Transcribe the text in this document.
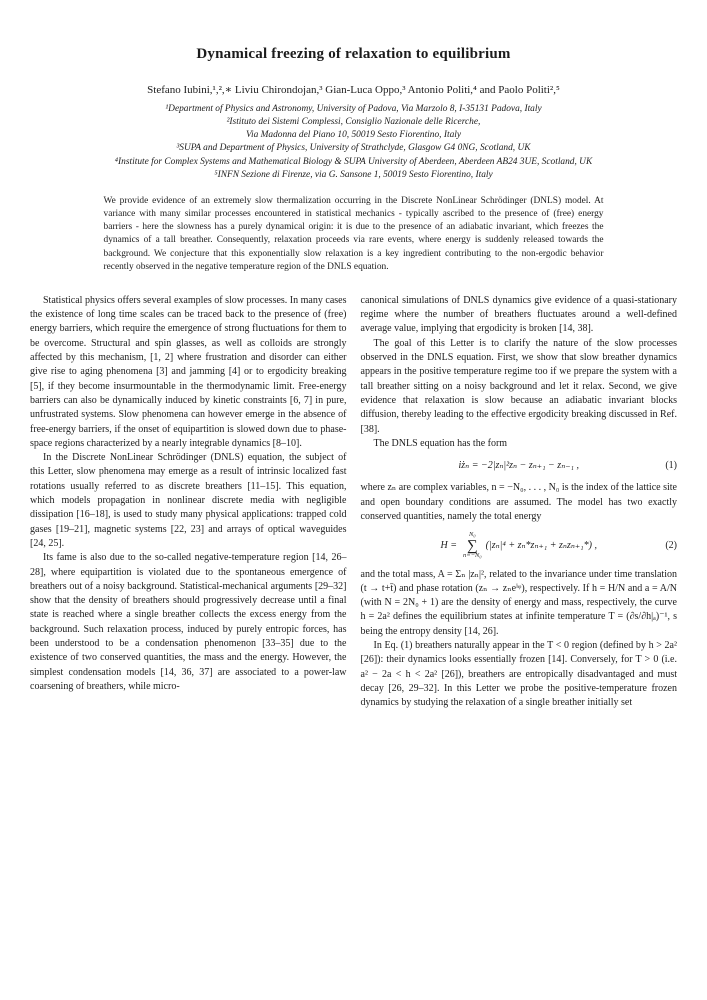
Dynamical freezing of relaxation to equilibrium
Stefano Iubini,¹,²,∗ Liviu Chirondojan,³ Gian-Luca Oppo,³ Antonio Politi,⁴ and Paolo Politi²,⁵
¹Department of Physics and Astronomy, University of Padova, Via Marzolo 8, I-35131 Padova, Italy
²Istituto dei Sistemi Complessi, Consiglio Nazionale delle Ricerche,
Via Madonna del Piano 10, 50019 Sesto Fiorentino, Italy
³SUPA and Department of Physics, University of Strathclyde, Glasgow G4 0NG, Scotland, UK
⁴Institute for Complex Systems and Mathematical Biology & SUPA University of Aberdeen, Aberdeen AB24 3UE, Scotland, UK
⁵INFN Sezione di Firenze, via G. Sansone 1, 50019 Sesto Fiorentino, Italy
We provide evidence of an extremely slow thermalization occurring in the Discrete NonLinear Schrödinger (DNLS) model. At variance with many similar processes encountered in statistical mechanics - typically ascribed to the presence of (free) energy barriers - here the slowness has a purely dynamical origin: it is due to the presence of an adiabatic invariant, which freezes the dynamics of a tall breather. Consequently, relaxation proceeds via rare events, where energy is suddenly released towards the background. We conjecture that this exponentially slow relaxation is a key ingredient contributing to the non-ergodic behavior recently observed in the negative temperature region of the DNLS equation.

Statistical physics offers several examples of slow processes. In many cases the existence of long time scales can be traced back to the presence of (free) energy barriers, which require the emergence of strong fluctuations for them to be overcome. Structural and spin glasses, as well as colloids are strongly affected by this mechanism, [1, 2] where frustration and disorder can either give rise to aging phenomena [3] and jamming [4] or to ergodicity breaking [5], if they become insurmountable in the thermodynamic limit. Free-energy barriers can also be dynamically induced by kinetic constraints [6, 7] in pure, unfrustrated systems. Slow phenomena can however emerge in the absence of free-energy barriers, if the onset of equipartition is slowed down due to phase-space regions characterized by a nearly integrable dynamics [8–10].

In the Discrete NonLinear Schrödinger (DNLS) equation, the subject of this Letter, slow phenomena may emerge as a result of intrinsic localized fast rotations usually referred to as discrete breathers [11–15]. This equation, which models propagation in nonlinear discrete media with negligible dissipation [16–18], is used to study many physical applications: trapped cold gases [19–21], magnetic systems [22, 23] and arrays of optical waveguides [24, 25].

Its fame is also due to the so-called negative-temperature region [14, 26–28], where equipartition is violated due to the spontaneous emergence of breathers out of a noisy background. Statistical-mechanical arguments [29–32] show that the density of breathers should progressively decrease until a final state is reached where a single breather collects the excess energy from the background. Such relaxation process, induced by purely entropic forces, has been understood to be a condensation phenomenon [33–35] due to the existence of two conserved quantities, the mass and the energy. However, the simplest condensation models [14, 36, 37] are associated to a power-law coarsening of breathers, while micro-

canonical simulations of DNLS dynamics give evidence of a quasi-stationary regime where the number of breathers fluctuates around a well-defined average value, implying that ergodicity is broken [14, 38].

The goal of this Letter is to clarify the nature of the slow processes observed in the DNLS equation. First, we show that slow breather dynamics appears in the positive temperature regime too if we prepare the system with a tall breather sitting on a noisy background and let it relax. Second, we give evidence that relaxation is slow because an adiabatic invariant blocks diffusion, thereby leading to the effective ergodicity breaking discussed in Ref. [38].

The DNLS equation has the form

iżₙ = −2|zₙ|²zₙ − zₙ₊₁ − zₙ₋₁ ,	(1)

where zₙ are complex variables, n = −N₀, . . . , N₀ is the index of the lattice site and open boundary conditions are assumed. The model has two exactly conserved quantities, namely the total energy

H =
N₀
∑
n=−N₀
(|zₙ|⁴ + zₙ*zₙ₊₁ + zₙzₙ₊₁*) ,	(2)

and the total mass, A = Σₙ |zₙ|², related to the invariance under time translation (t → t+t̄) and phase rotation (zₙ → zₙeⁱᵠ), respectively. If h = H/N and a = A/N (with N = 2N₀ + 1) are the density of energy and mass, respectively, the curve h = 2a² defines the equilibrium states at infinite temperature T = (∂s/∂h|ₐ)⁻¹, s being the entropy density [14, 26].

In Eq. (1) breathers naturally appear in the T < 0 region (defined by h > 2a² [26]): their dynamics looks essentially frozen [14]. Conversely, for T > 0 (i.e. a² − 2a < h < 2a² [26]), breathers are entropically disadvantaged and must decay [26, 29–32]. In this Letter we probe the positive-temperature frozen dynamics by studying the relaxation of a single breather initially set
